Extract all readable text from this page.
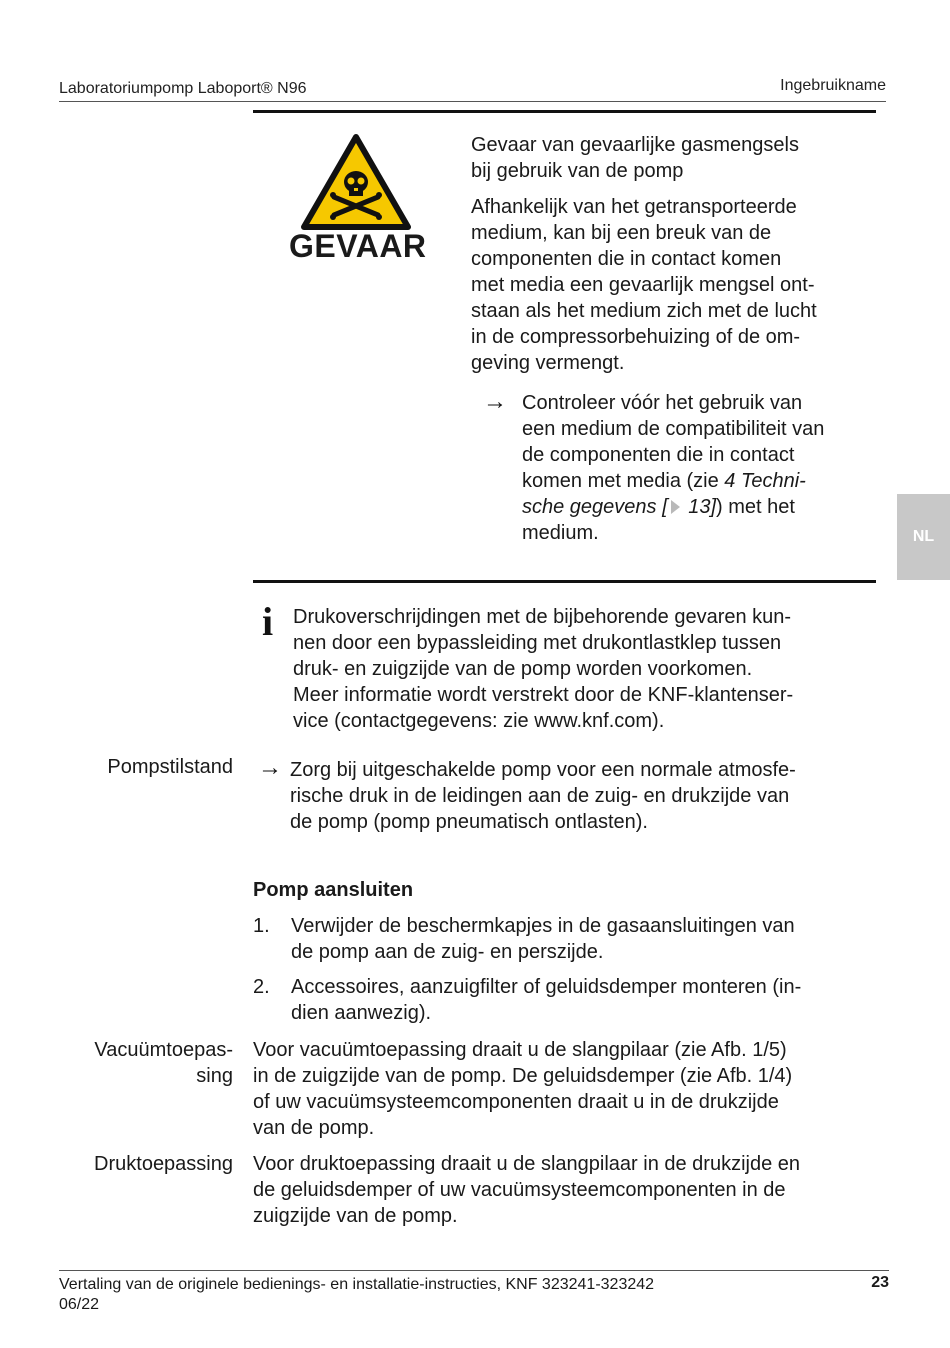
Laboratoriumpomp Laboport® N96	Ingebruikname
NL
GEVAAR

Gevaar van gevaarlijke gasmengsels

bij gebruik van de pomp

Afhankelijk van het getransporteerde

medium, kan bij een breuk van de

componenten die in contact komen

met media een gevaarlijk mengsel ont-

staan als het medium zich met de lucht

in de compressorbehuizing of de om-

geving vermengt.

→ Controleer vóór het gebruik van

een medium de compatibiliteit van

de componenten die in contact

komen met media (zie 4 Techni-

sche gegevens [ 13]) met het

medium.

i Drukoverschrijdingen met de bijbehorende gevaren kun-

nen door een bypassleiding met drukontlastklep tussen

druk- en zuigzijde van de pomp worden voorkomen.

Meer informatie wordt verstrekt door de KNF-klantenser-

vice (contactgegevens: zie www.knf.com).

Pompstilstand → Zorg bij uitgeschakelde pomp voor een normale atmosfe-

rische druk in de leidingen aan de zuig- en drukzijde van

de pomp (pomp pneumatisch ontlasten).

Pomp aansluiten
1. Verwijder de beschermkapjes in de gasaansluitingen van

de pomp aan de zuig- en perszijde.

2. Accessoires, aanzuigfilter of geluidsdemper monteren (in-

dien aanwezig).

Vacuümtoepas-

sing

Voor vacuümtoepassing draait u de slangpilaar (zie Afb. 1/5)

in de zuigzijde van de pomp. De geluidsdemper (zie Afb. 1/4)

of uw vacuümsysteemcomponenten draait u in de drukzijde

van de pomp.

Druktoepassing Voor druktoepassing draait u de slangpilaar in de drukzijde en

de geluidsdemper of uw vacuümsysteemcomponenten in de

zuigzijde van de pomp.

Vertaling van de originele bedienings- en installatie-instructies, KNF 323241-323242
06/22
23
